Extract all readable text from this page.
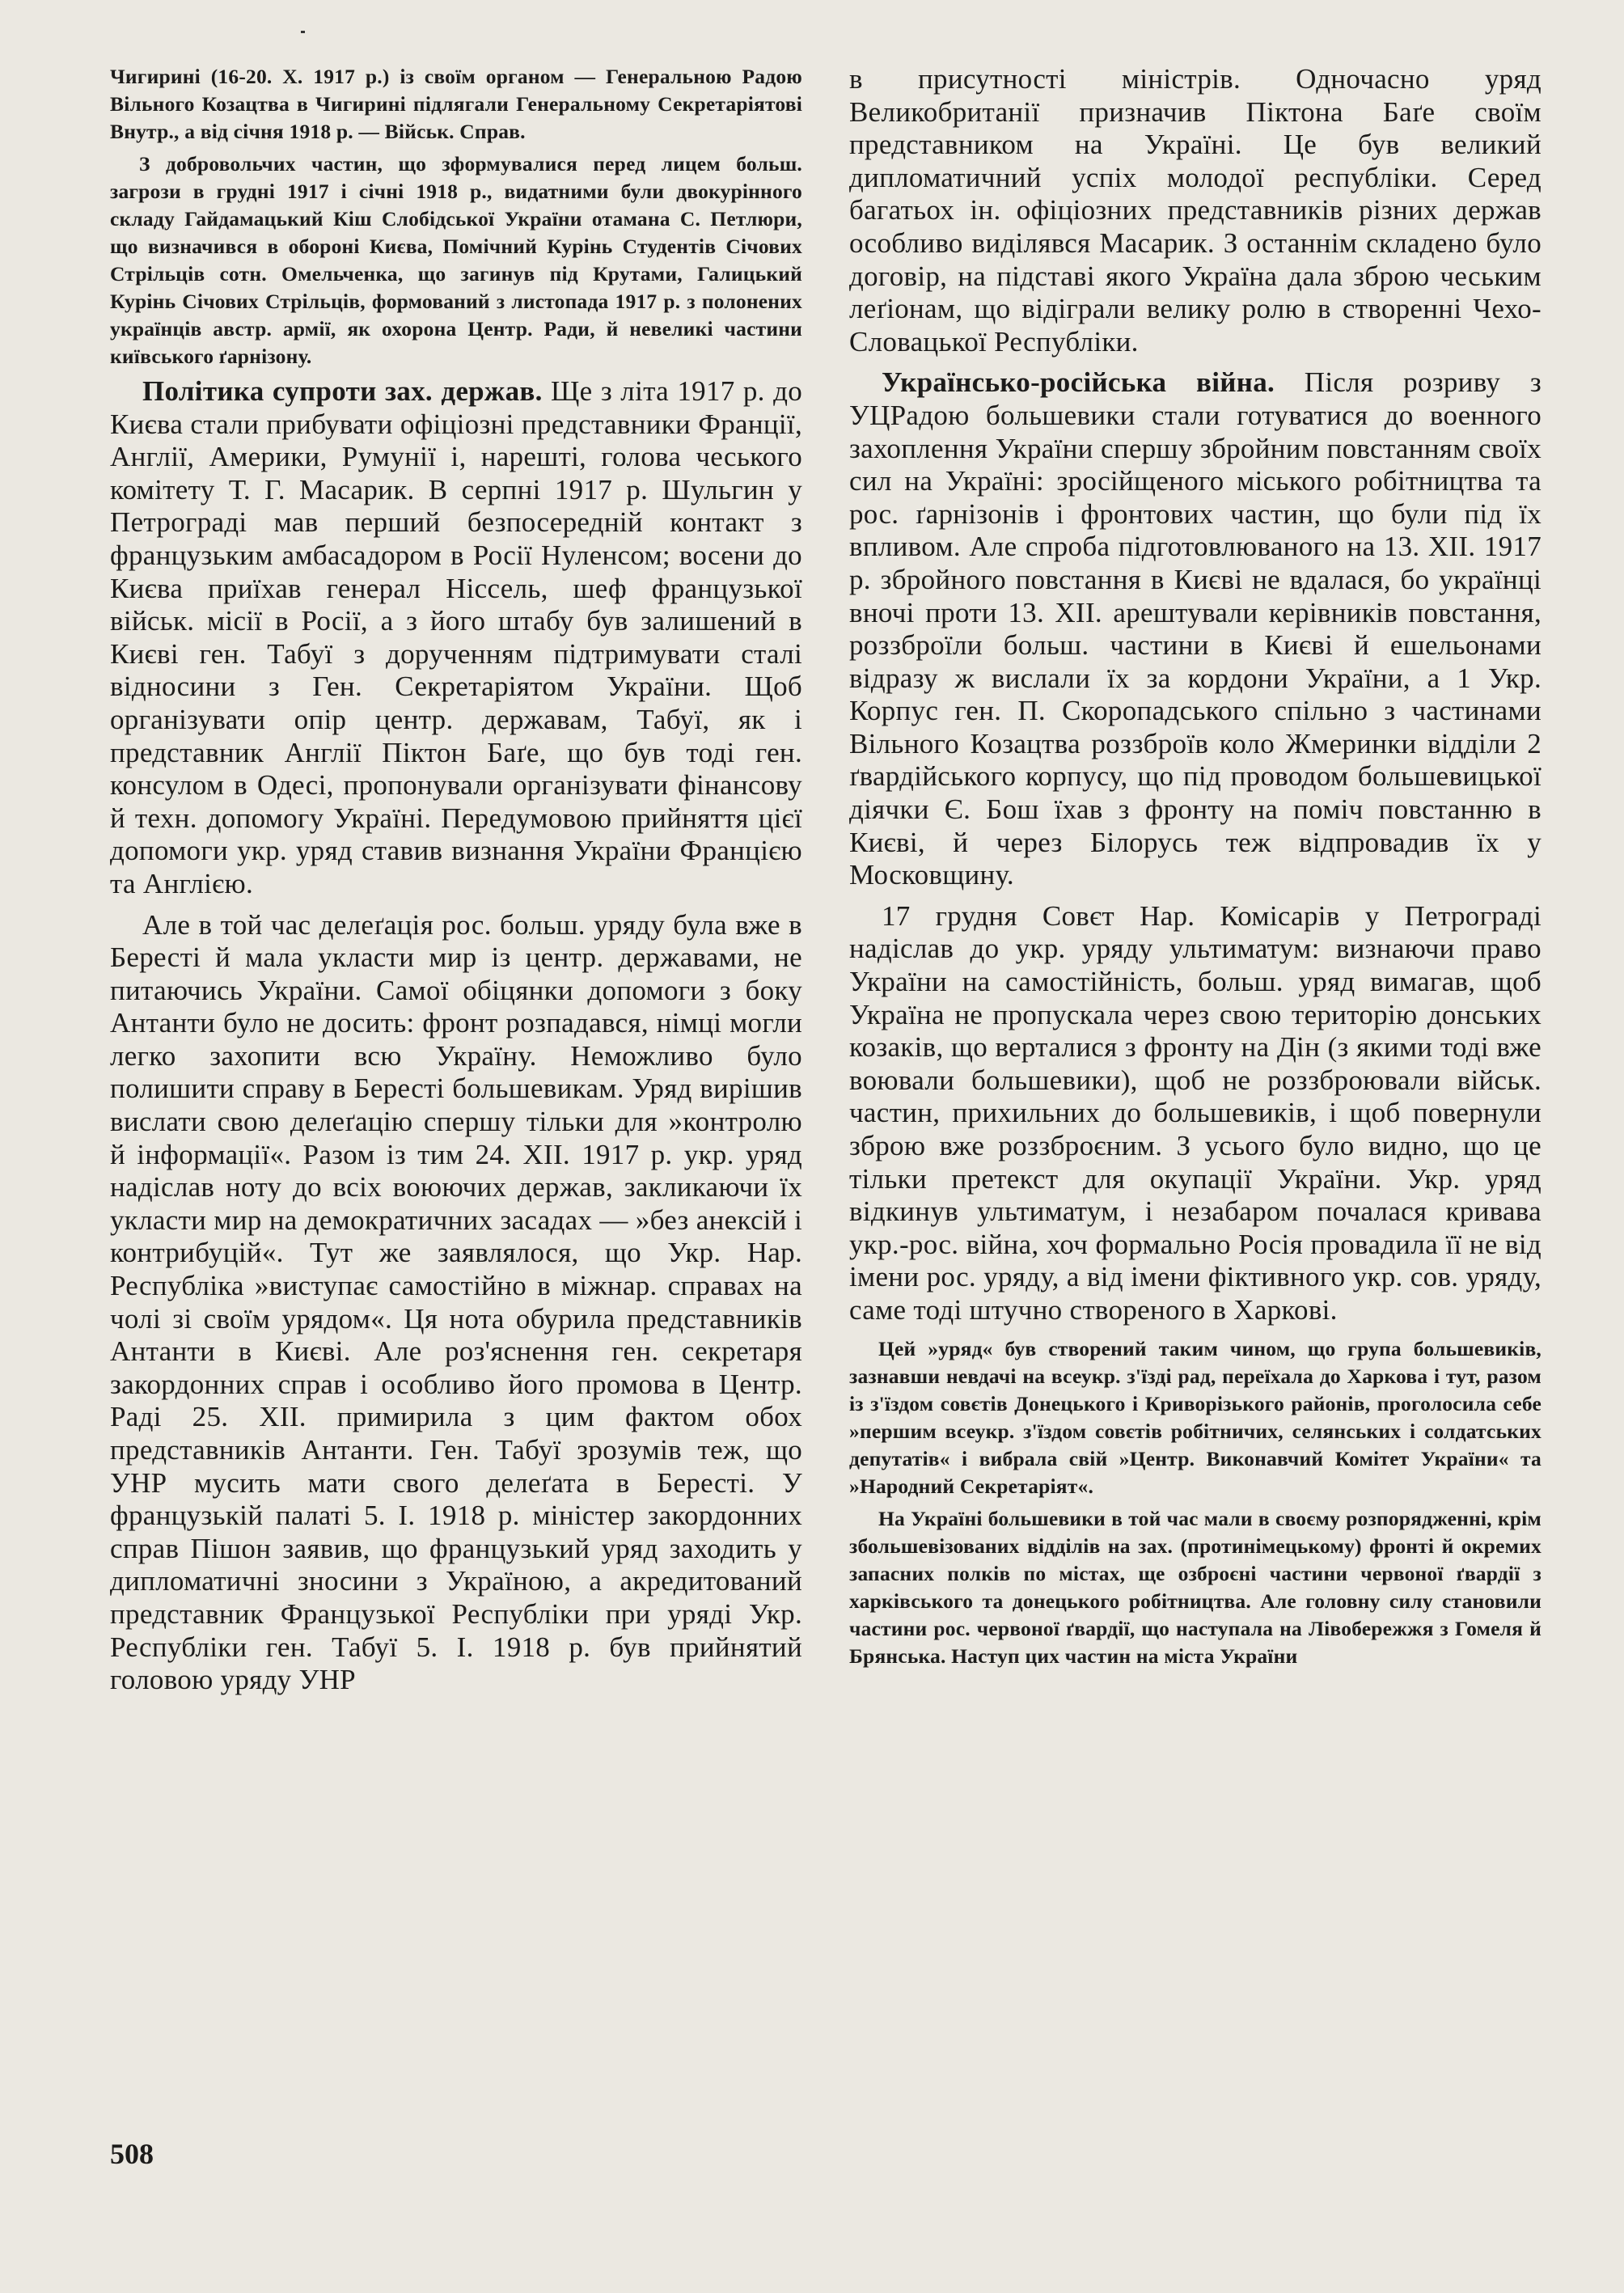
Чигирині (16-20. X. 1917 р.) із своїм органом — Генеральною Радою Вільного Козацтва в Чигирині підлягали Генеральному Секретаріятові Внутр., а від січня 1918 р. — Військ. Справ.

З добровольчих частин, що зформувалися перед лицем больш. загрози в грудні 1917 і січні 1918 р., видатними були двокурінного складу Гайдамацький Кіш Слобідської України отамана С. Петлюри, що визначився в обороні Києва, Помічний Курінь Студентів Січових Стрільців сотн. Омельченка, що загинув під Крутами, Галицький Курінь Січових Стрільців, формований з листопада 1917 р. з полонених українців австр. армії, як охорона Центр. Ради, й невеликі частини київського ґарнізону.

Політика супроти зах. держав. Ще з літа 1917 р. до Києва стали прибувати офіціозні представники Франції, Англії, Америки, Румунії і, нарешті, голова чеського комітету Т. Г. Масарик. В серпні 1917 р. Шульгин у Петрограді мав перший безпосередній контакт з французьким амбасадором в Росії Нуленсом; восени до Києва приїхав генерал Ніссель, шеф французької військ. місії в Росії, а з його штабу був залишений в Києві ген. Табуї з дорученням підтримувати сталі відносини з Ген. Секретаріятом України. Щоб організувати опір центр. державам, Табуї, як і представник Англії Піктон Баґе, що був тоді ген. консулом в Одесі, пропонували організувати фінансову й техн. допомогу Україні. Передумовою прийняття цієї допомоги укр. уряд ставив визнання України Францією та Англією.

Але в той час делеґація рос. больш. уряду була вже в Бересті й мала укласти мир із центр. державами, не питаючись України. Самої обіцянки допомоги з боку Антанти було не досить: фронт розпадався, німці могли легко захопити всю Україну. Неможливо було полишити справу в Бересті большевикам. Уряд вирішив вислати свою делеґацію спершу тільки для »контролю й інформації«. Разом із тим 24. XII. 1917 р. укр. уряд надіслав ноту до всіх воюючих держав, закликаючи їх укласти мир на демократичних засадах — »без анексій і контрибуцій«. Тут же заявлялося, що Укр. Нар. Республіка »виступає самостійно в міжнар. справах на чолі зі своїм урядом«. Ця нота обурила представників Антанти в Києві. Але роз'яснення ген. секретаря закордонних справ і особливо його промова в Центр. Раді 25. XII. примирила з цим фактом обох представників Антанти. Ген. Табуї зрозумів теж, що УНР мусить мати свого делеґата в Бересті. У французькій палаті 5. I. 1918 р. міністер закордонних справ Пішон заявив, що французький уряд заходить у дипломатичні зносини з Україною, а акредитований представник Французької Республіки при уряді Укр. Республіки ген. Табуї 5. I. 1918 р. був прийнятий головою уряду УНР

в присутності міністрів. Одночасно уряд Великобританії призначив Піктона Баґе своїм представником на Україні. Це був великий дипломатичний успіх молодої республіки. Серед багатьох ін. офіціозних представників різних держав особливо виділявся Масарик. З останнім складено було договір, на підставі якого Україна дала зброю чеським леґіонам, що відіграли велику ролю в створенні Чехо-Словацької Республіки.

Українсько-російська війна. Після розриву з УЦРадою большевики стали готуватися до военного захоплення України спершу збройним повстанням своїх сил на Україні: зросійщеного міського робітництва та рос. ґарнізонів і фронтових частин, що були під їх впливом. Але спроба підготовлюваного на 13. XII. 1917 р. збройного повстання в Києві не вдалася, бо українці вночі проти 13. XII. арештували керівників повстання, роззброїли больш. частини в Києві й ешельонами відразу ж вислали їх за кордони України, а 1 Укр. Корпус ген. П. Скоропадського спільно з частинами Вільного Козацтва роззброїв коло Жмеринки відділи 2 ґвардійського корпусу, що під проводом большевицької діячки Є. Бош їхав з фронту на поміч повстанню в Києві, й через Білорусь теж відпровадив їх у Московщину.

17 грудня Совєт Нар. Комісарів у Петрограді надіслав до укр. уряду ультиматум: визнаючи право України на самостійність, больш. уряд вимагав, щоб Україна не пропускала через свою територію донських козаків, що верталися з фронту на Дін (з якими тоді вже воювали большевики), щоб не роззброювали військ. частин, прихильних до большевиків, і щоб повернули зброю вже роззброєним. З усього було видно, що це тільки претекст для окупації України. Укр. уряд відкинув ультиматум, і незабаром почалася кривава укр.-рос. війна, хоч формально Росія провадила її не від імени рос. уряду, а від імени фіктивного укр. сов. уряду, саме тоді штучно створеного в Харкові.

Цей »уряд« був створений таким чином, що група большевиків, зазнавши невдачі на всеукр. з'їзді рад, переїхала до Харкова і тут, разом із з'їздом совєтів Донецького і Криворізького районів, проголосила себе »першим всеукр. з'їздом совєтів робітничих, селянських і солдатських депутатів« і вибрала свій »Центр. Виконавчий Комітет України« та »Народний Секретаріят«.

На Україні большевики в той час мали в своєму розпорядженні, крім збольшевізованих відділів на зах. (протинімецькому) фронті й окремих запасних полків по містах, ще озброєні частини червоної ґвардії з харківського та донецького робітництва. Але головну силу становили частини рос. червоної ґвардії, що наступала на Лівобережжя з Гомеля й Брянська. Наступ цих частин на міста України

508
